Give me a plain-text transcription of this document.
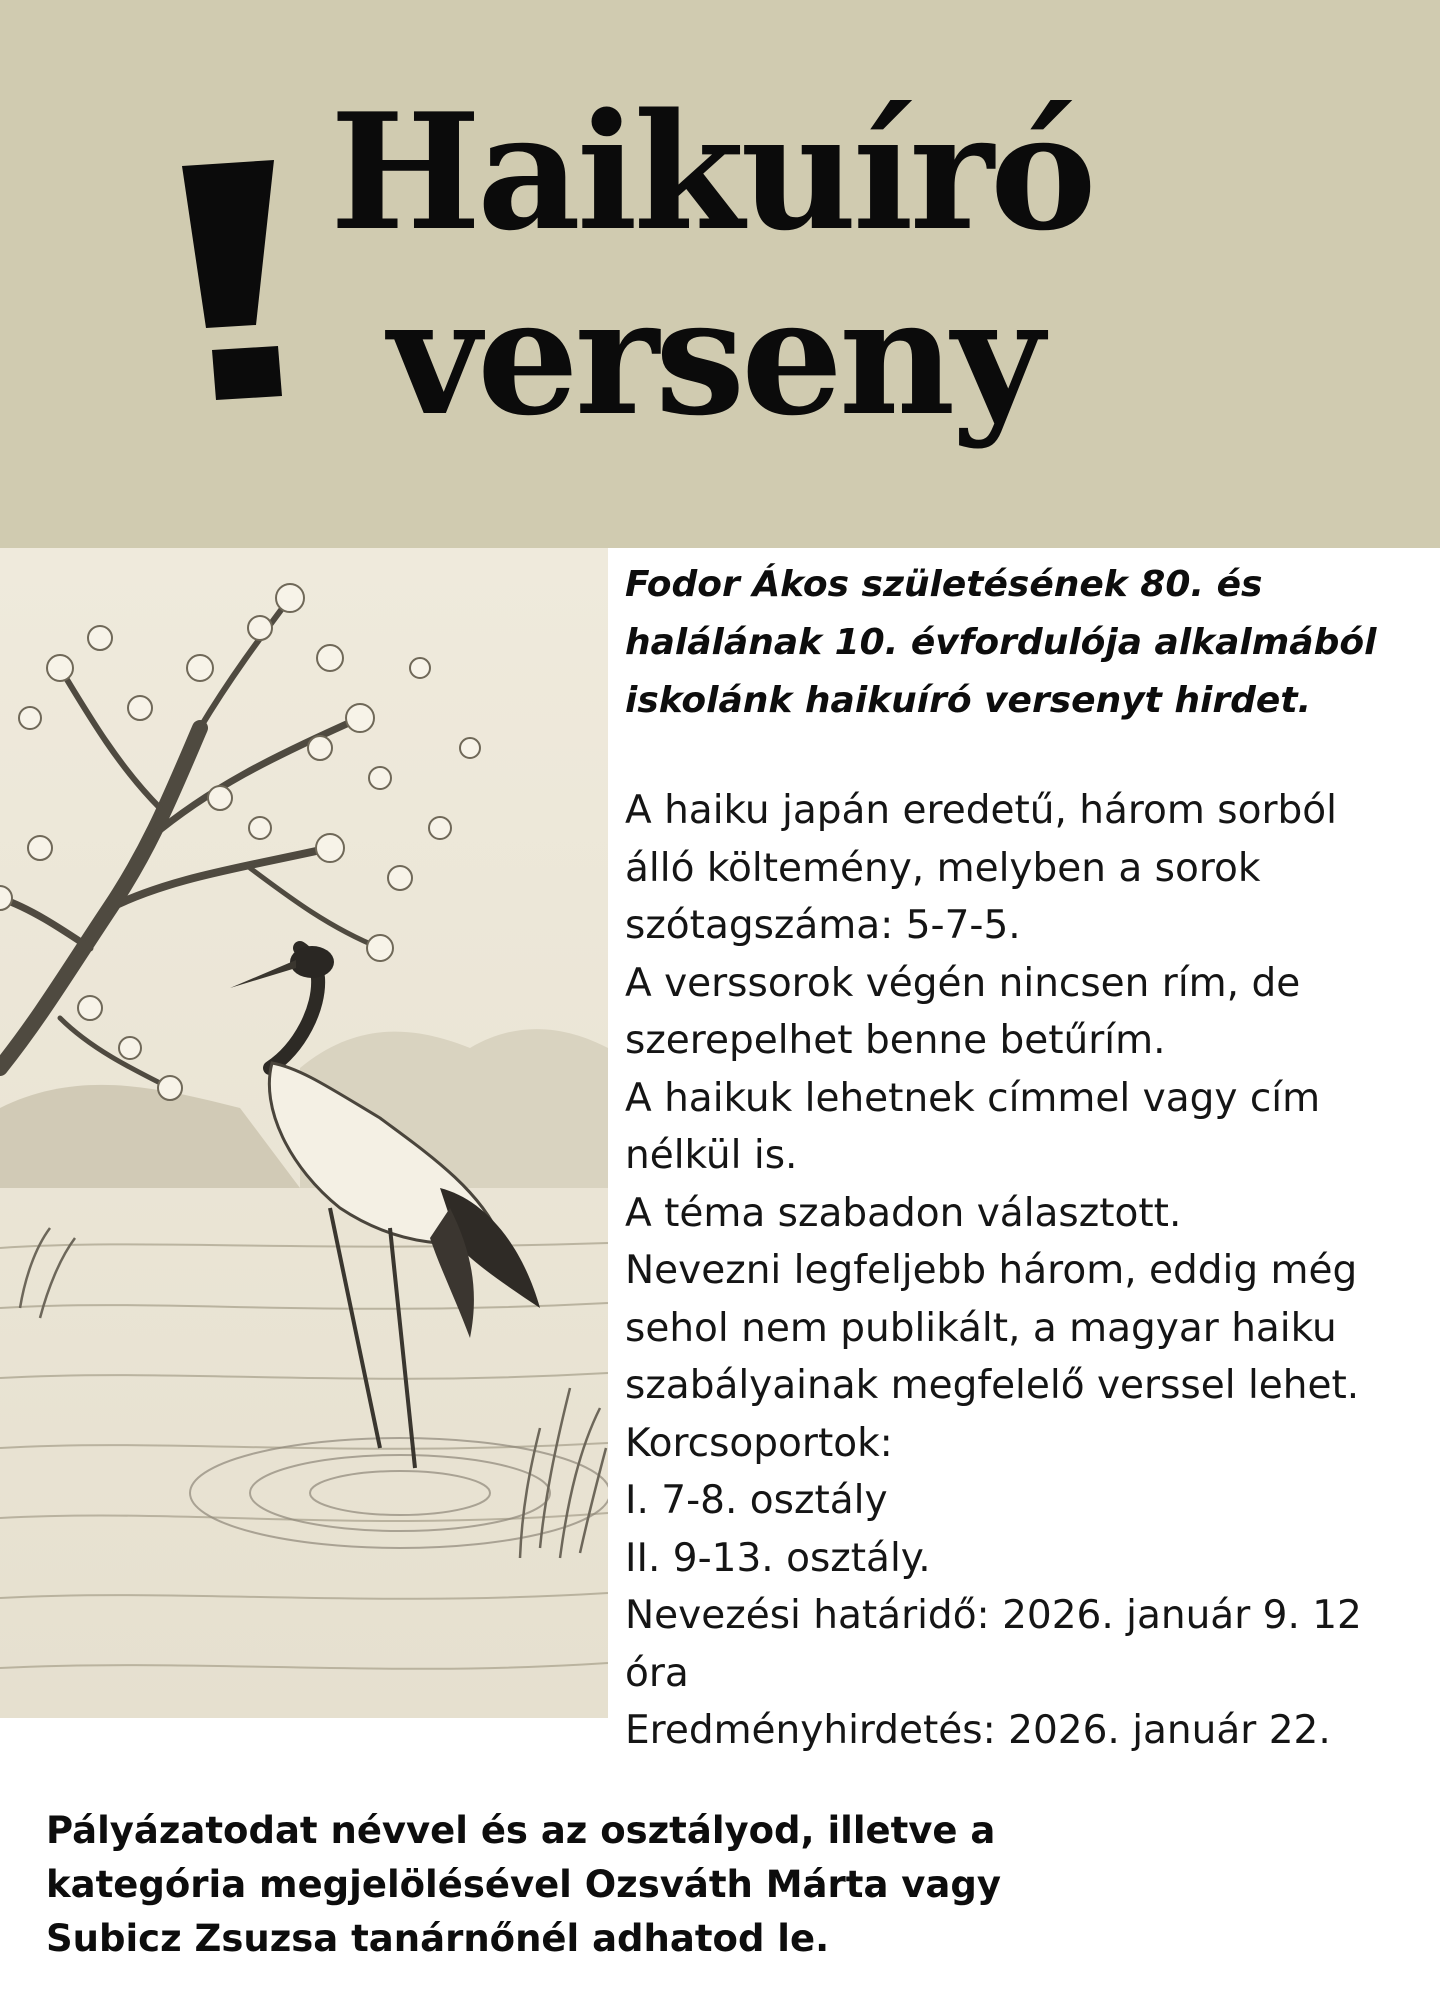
Haikuíró
verseny

Fodor Ákos születésének 80. és
halálának 10. évfordulója alkalmából
iskolánk haikuíró versenyt hirdet.

A haiku japán eredetű, három sorból
álló költemény, melyben a sorok
szótagszáma: 5-7-5.
A verssorok végén nincsen rím, de
szerepelhet benne betűrím.
A haikuk lehetnek címmel vagy cím
nélkül is.
A téma szabadon választott.
Nevezni legfeljebb három, eddig még
sehol nem publikált, a magyar haiku
szabályainak megfelelő verssel lehet.
Korcsoportok:
I. 7-8. osztály
II. 9-13. osztály.
Nevezési határidő: 2026. január 9. 12
óra
Eredményhirdetés: 2026. január 22.

Pályázatodat névvel és az osztályod, illetve a
kategória megjelölésével Ozsváth Márta vagy
Subicz Zsuzsa tanárnőnél adhatod le.
